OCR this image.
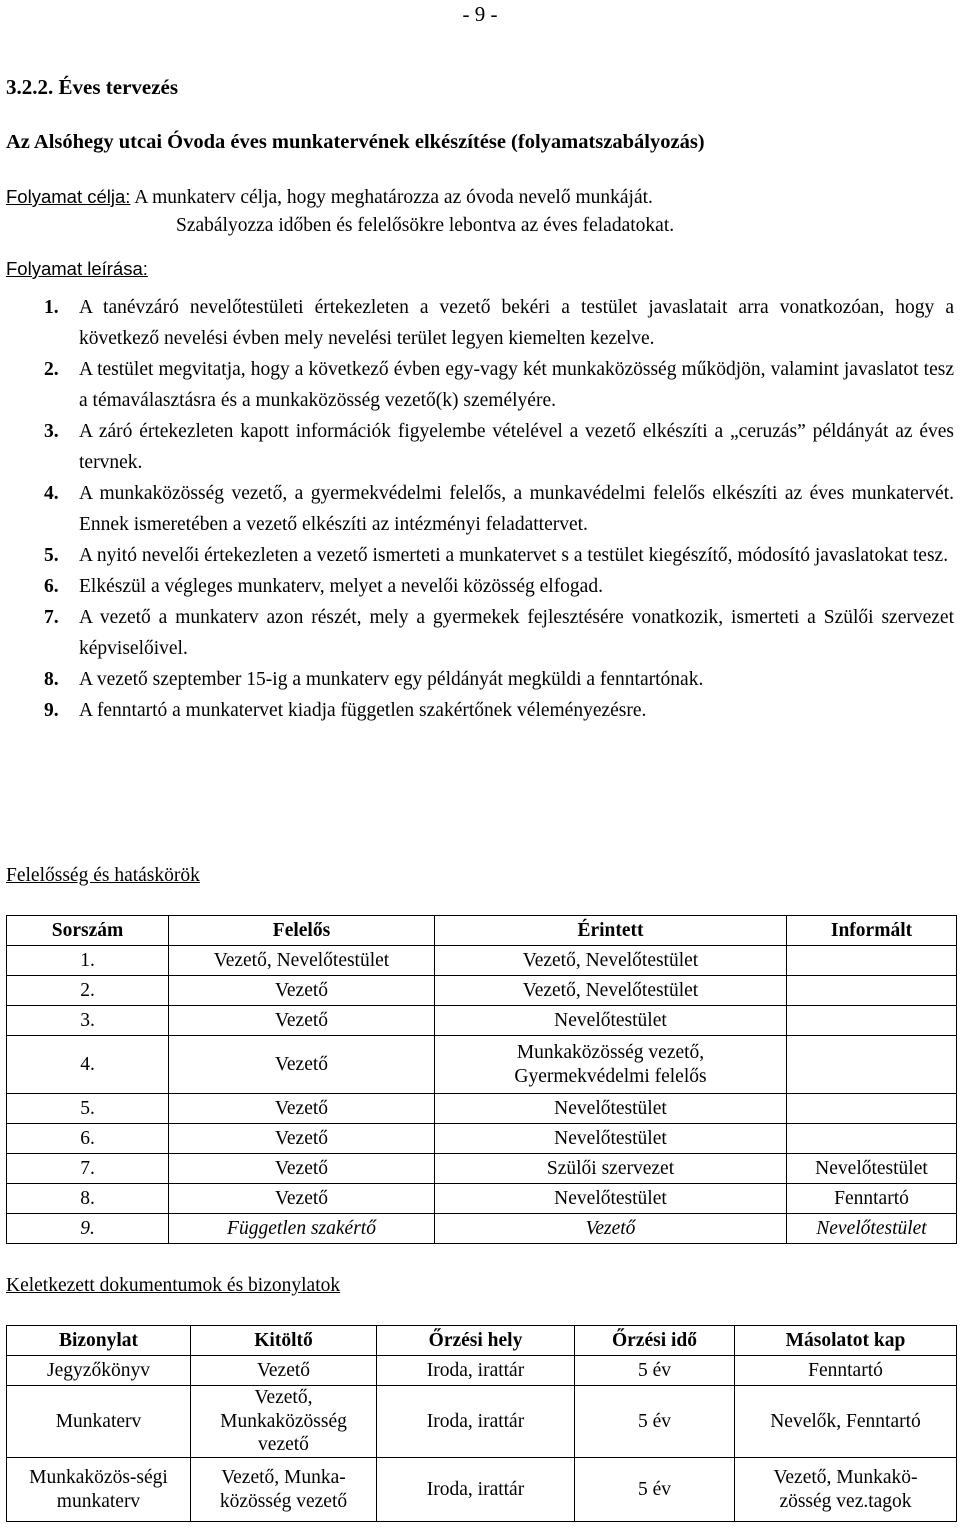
- 9 -
3.2.2. Éves tervezés
Az Alsóhegy utcai Óvoda éves munkatervének elkészítése (folyamatszabályozás)
Folyamat célja: A munkaterv célja, hogy meghatározza az óvoda nevelő munkáját.
Szabályozza időben és felelősökre lebontva az éves feladatokat.
Folyamat leírása:
1. A tanévzáró nevelőtestületi értekezleten a vezető bekéri a testület javaslatait arra vonatkozóan, hogy a következő nevelési évben mely nevelési terület legyen kiemelten kezelve.
2. A testület megvitatja, hogy a következő évben egy-vagy két munkaközösség működjön, valamint javaslatot tesz a témaválasztásra és a munkaközösség vezető(k) személyére.
3. A záró értekezleten kapott információk figyelembe vételével a vezető elkészíti a „ceruzás” példányát az éves tervnek.
4. A munkaközösség vezető, a gyermekvédelmi felelős, a munkavédelmi felelős elkészíti az éves munkatervét. Ennek ismeretében a vezető elkészíti az intézményi feladattervet.
5. A nyitó nevelői értekezleten a vezető ismerteti a munkatervet s a testület kiegészítő, módosító javaslatokat tesz.
6. Elkészül a végleges munkaterv, melyet a nevelői közösség elfogad.
7. A vezető a munkaterv azon részét, mely a gyermekek fejlesztésére vonatkozik, ismerteti a Szülői szervezet képviselőivel.
8. A vezető szeptember 15-ig a munkaterv egy példányát megküldi a fenntartónak.
9. A fenntartó a munkatervet kiadja független szakértőnek véleményezésre.
Felelősség és hatáskörök
Sorszám	Felelős	Érintett	Informált
1.	Vezető, Nevelőtestület	Vezető, Nevelőtestület	
2.	Vezető	Vezető, Nevelőtestület	
3.	Vezető	Nevelőtestület	
4.	Vezető	Munkaközösség vezető, Gyermekvédelmi felelős	
5.	Vezető	Nevelőtestület	
6.	Vezető	Nevelőtestület	
7.	Vezető	Szülői szervezet	Nevelőtestület
8.	Vezető	Nevelőtestület	Fenntartó
9.	Független szakértő	Vezető	Nevelőtestület
Keletkezett dokumentumok és bizonylatok
Bizonylat	Kitöltő	Őrzési hely	Őrzési idő	Másolatot kap
Jegyzőkönyv	Vezető	Iroda, irattár	5 év	Fenntartó
Munkaterv	Vezető, Munkaközösség vezető	Iroda, irattár	5 év	Nevelők, Fenntartó
Munkaközös-ségi munkaterv	Vezető, Munka-közösség vezető	Iroda, irattár	5 év	Vezető, Munkakö-zösség vez.tagok
